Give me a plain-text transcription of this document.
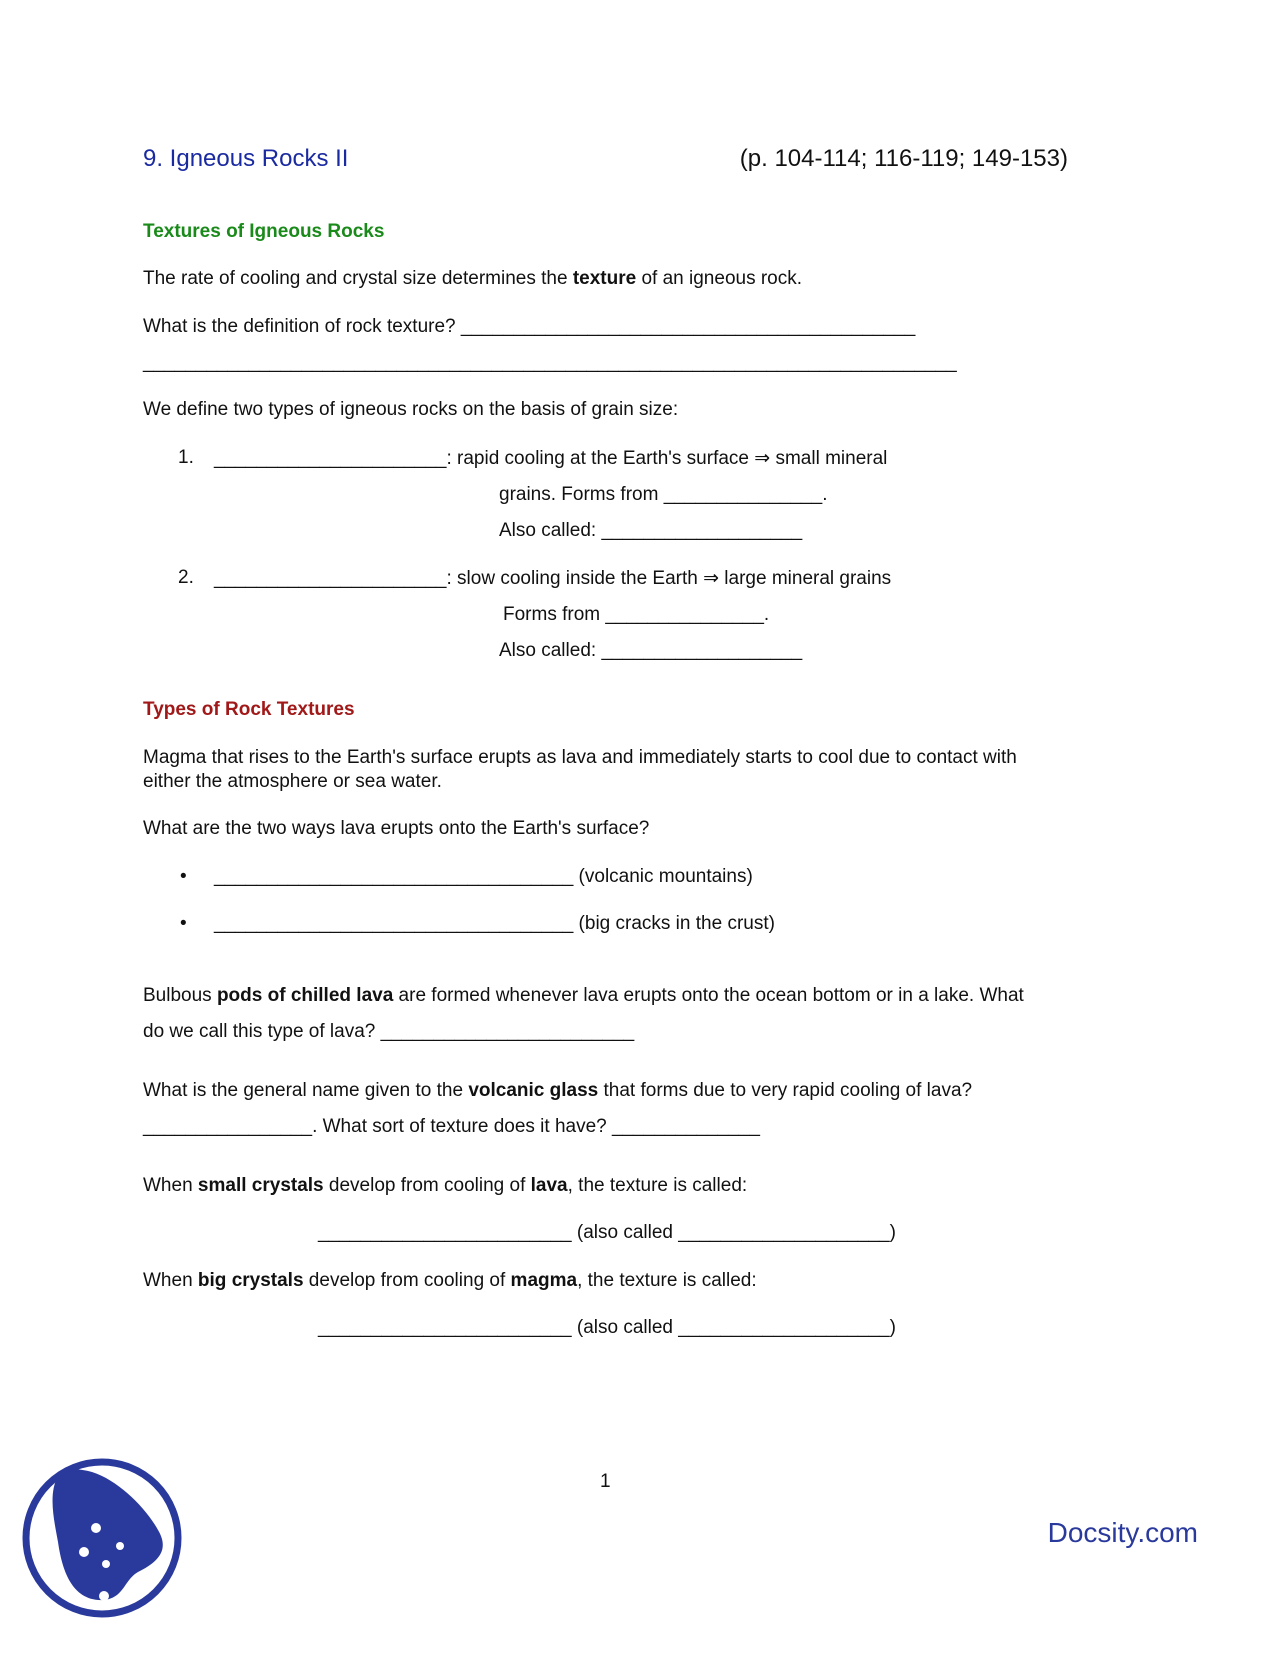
9. Igneous Rocks II	(p. 104-114; 116-119; 149-153)
Textures of Igneous Rocks
The rate of cooling and crystal size determines the texture of an igneous rock.
What is the definition of rock texture? ___________________________________________
_____________________________________________________________________________
We define two types of igneous rocks on the basis of grain size:
1. ______________________: rapid cooling at the Earth's surface ⇒ small mineral
grains. Forms from _______________.
Also called: ___________________
2. ______________________: slow cooling inside the Earth ⇒ large mineral grains
Forms from _______________.
Also called: ___________________
Types of Rock Textures
Magma that rises to the Earth's surface erupts as lava and immediately starts to cool due to contact with
either the atmosphere or sea water.
What are the two ways lava erupts onto the Earth's surface?
• __________________________________ (volcanic mountains)
• __________________________________ (big cracks in the crust)
Bulbous pods of chilled lava are formed whenever lava erupts onto the ocean bottom or in a lake. What
do we call this type of lava? ________________________
What is the general name given to the volcanic glass that forms due to very rapid cooling of lava?
________________. What sort of texture does it have? ______________
When small crystals develop from cooling of lava, the texture is called:
________________________ (also called ____________________)
When big crystals develop from cooling of magma, the texture is called:
________________________ (also called ____________________)
1
Docsity.com
